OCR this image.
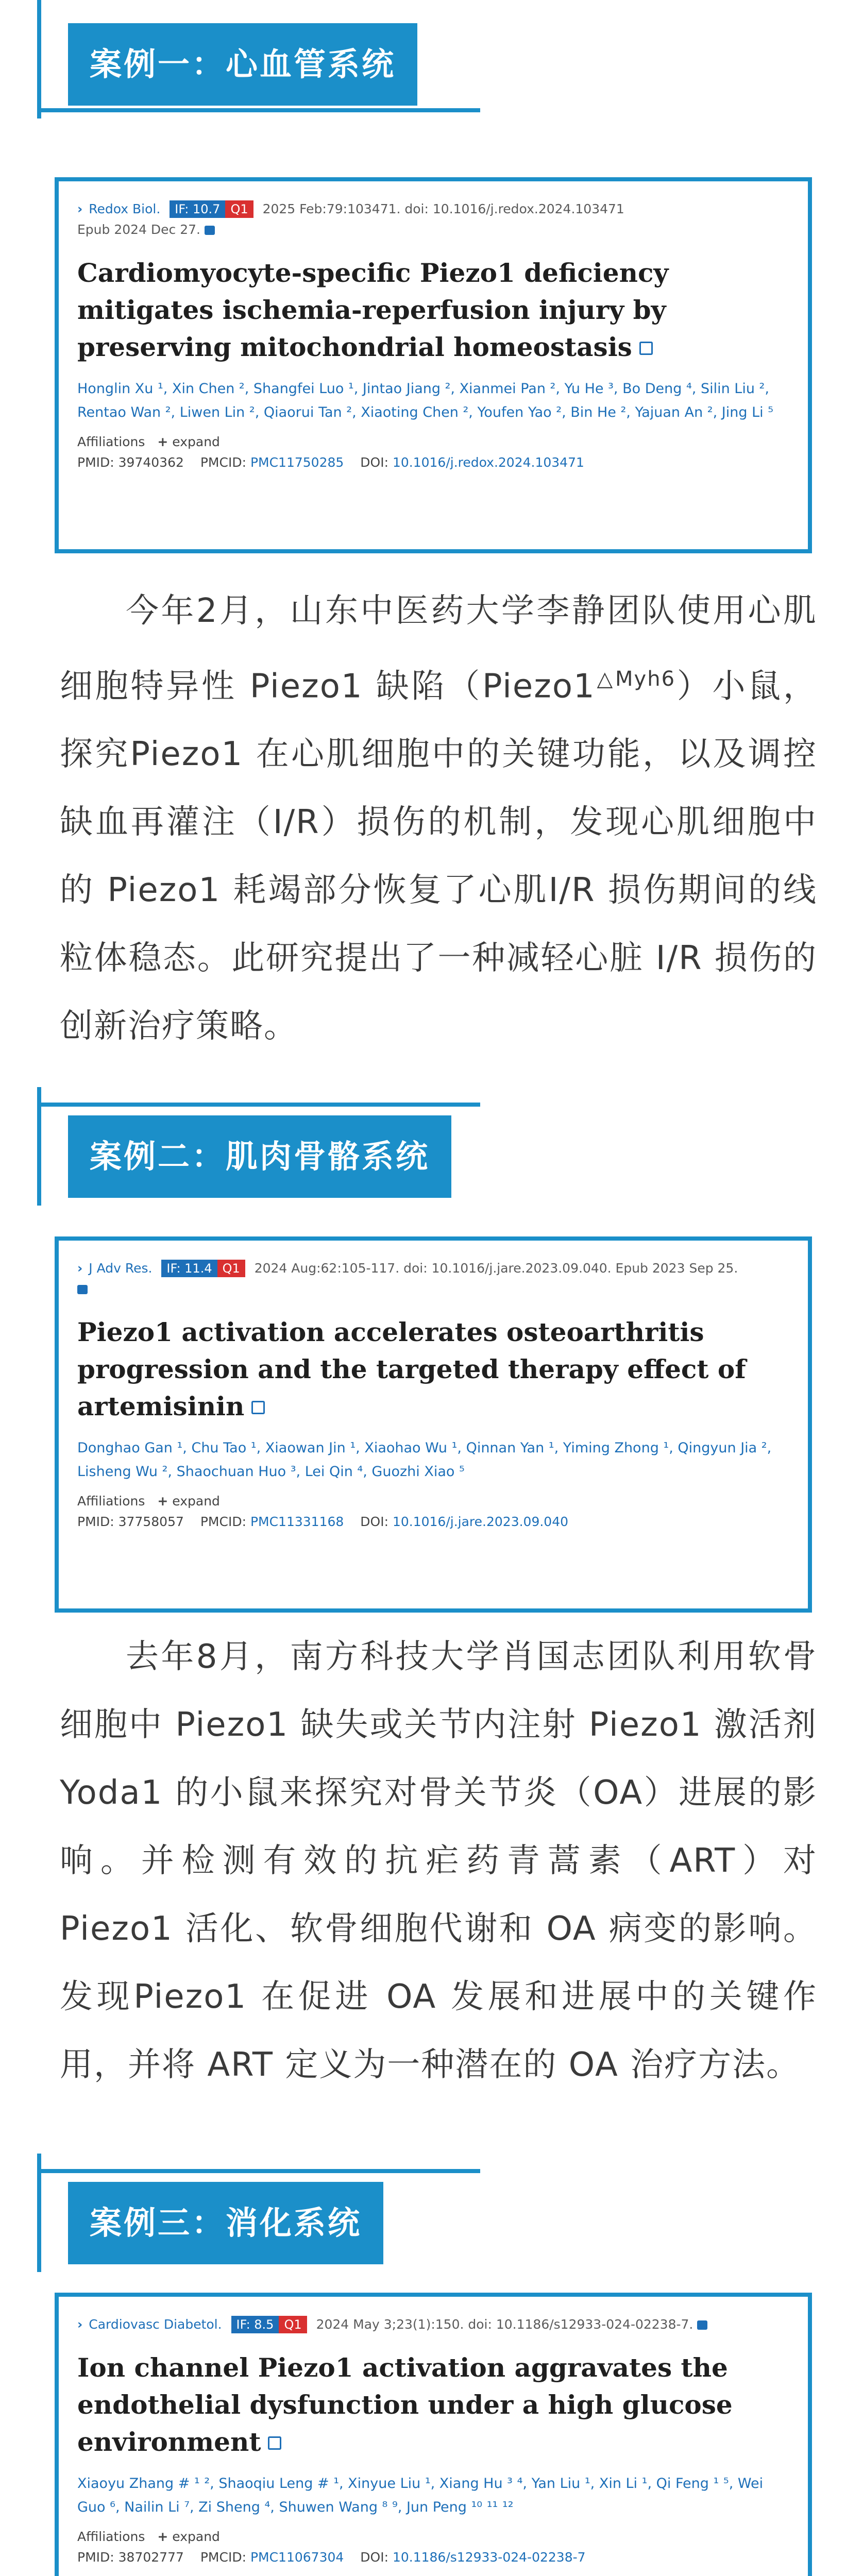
案例一：心血管系统
› Redox Biol. IF: 10.7 Q1 2025 Feb:79:103471. doi: 10.1016/j.redox.2024.103471
Epub 2024 Dec 27.
Cardiomyocyte-specific Piezo1 deficiency mitigates ischemia-reperfusion injury by preserving mitochondrial homeostasis
Honglin Xu ¹, Xin Chen ², Shangfei Luo ¹, Jintao Jiang ², Xianmei Pan ², Yu He ³, Bo Deng ⁴, Silin Liu ², Rentao Wan ², Liwen Lin ², Qiaorui Tan ², Xiaoting Chen ², Youfen Yao ², Bin He ², Yajuan An ², Jing Li ⁵
Affiliations + expand
PMID: 39740362 PMCID: PMC11750285 DOI: 10.1016/j.redox.2024.103471
今年2月，山东中医药大学李静团队使用心肌细胞特异性 Piezo1 缺陷$(Piezo1^{\triangle Myh6})$小鼠，探究Piezo1 在心肌细胞中的关键功能，以及调控缺血再灌注（I/R）损伤的机制，发现心肌细胞中的 Piezo1 耗竭部分恢复了心肌I/R 损伤期间的线粒体稳态。此研究提出了一种减轻心脏 I/R 损伤的创新治疗策略。
案例二：肌肉骨骼系统
› J Adv Res. IF: 11.4 Q1 2024 Aug:62:105-117. doi: 10.1016/j.jare.2023.09.040. Epub 2023 Sep 25.
Piezo1 activation accelerates osteoarthritis progression and the targeted therapy effect of artemisinin
Donghao Gan ¹, Chu Tao ¹, Xiaowan Jin ¹, Xiaohao Wu ¹, Qinnan Yan ¹, Yiming Zhong ¹, Qingyun Jia ², Lisheng Wu ², Shaochuan Huo ³, Lei Qin ⁴, Guozhi Xiao ⁵
Affiliations + expand
PMID: 37758057 PMCID: PMC11331168 DOI: 10.1016/j.jare.2023.09.040
去年8月，南方科技大学肖国志团队利用软骨细胞中 Piezo1 缺失或关节内注射 Piezo1 激活剂 Yoda1 的小鼠来探究对骨关节炎（OA）进展的影响。并检测有效的抗疟药青蒿素（ART）对 Piezo1 活化、软骨细胞代谢和 OA 病变的影响。发现Piezo1 在促进 OA 发展和进展中的关键作用，并将 ART 定义为一种潜在的 OA 治疗方法。
案例三：消化系统
› Cardiovasc Diabetol. IF: 8.5 Q1 2024 May 3;23(1):150. doi: 10.1186/s12933-024-02238-7.
Ion channel Piezo1 activation aggravates the endothelial dysfunction under a high glucose environment
Xiaoyu Zhang # ¹ ², Shaoqiu Leng # ¹, Xinyue Liu ¹, Xiang Hu ³ ⁴, Yan Liu ¹, Xin Li ¹, Qi Feng ¹ ⁵, Wei Guo ⁶, Nailin Li ⁷, Zi Sheng ⁴, Shuwen Wang ⁸ ⁹, Jun Peng ¹⁰ ¹¹ ¹²
Affiliations + expand
PMID: 38702777 PMCID: PMC11067304 DOI: 10.1186/s12933-024-02238-7
